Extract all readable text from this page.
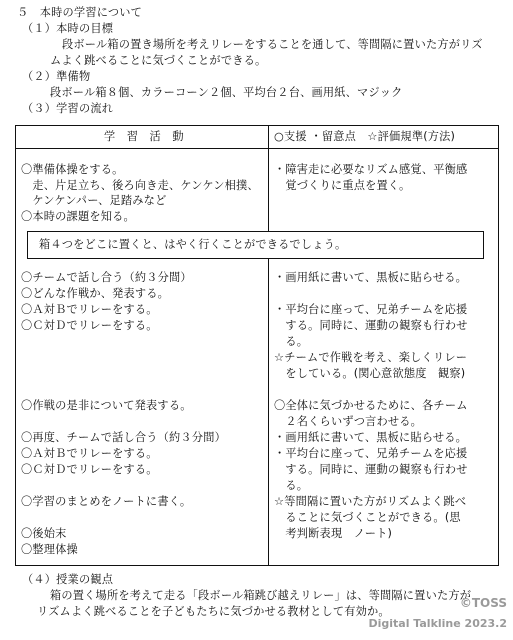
５　本時の学習について
（１）本時の目標
段ボール箱の置き場所を考えリレーをすることを通して、等間隔に置いた方がリズ
ムよく跳べることに気づくことができる。
（２）準備物
段ボール箱８個、カラーコーン２個、平均台２台、画用紙、マジック
（３）学習の流れ
学　習　活　動	○支援 ・留意点　☆評価規準(方法)
〇準備体操をする。
　走、片足立ち、後ろ向き走、ケンケン相撲、
　ケンケンパー、足踏みなど
〇本時の課題を知る。
・障害走に必要なリズム感覚、平衡感
　覚づくりに重点を置く。
箱４つをどこに置くと、はやく行くことができるでしょう。
〇チームで話し合う（約３分間）
〇どんな作戦か、発表する。
〇Ａ対Ｂでリレーをする。
〇Ｃ対Ｄでリレーをする。
・画用紙に書いて、黒板に貼らせる。
・平均台に座って、兄弟チームを応援
　する。同時に、運動の観察も行わせ
　る。
☆チームで作戦を考え、楽しくリレー
　をしている。(関心意欲態度　観察)
〇作戦の是非について発表する。
〇再度、チームで話し合う（約３分間）
〇Ａ対Ｂでリレーをする。
〇Ｃ対Ｄでリレーをする。
〇学習のまとめをノートに書く。
〇後始末
〇整理体操
〇全体に気づかせるために、各チーム
　２名くらいずつ言わせる。
・画用紙に書いて、黒板に貼らせる。
・平均台に座って、兄弟チームを応援
　する。同時に、運動の観察も行わせ
　る。
☆等間隔に置いた方がリズムよく跳べ
　ることに気づくことができる。(思
　考判断表現　ノート)
（４）授業の観点
箱の置く場所を考えて走る「段ボール箱跳び越えリレー」は、等間隔に置いた方が
リズムよく跳べることを子どもたちに気づかせる教材として有効か。
©TOSS
Digital Talkline 2023.2
